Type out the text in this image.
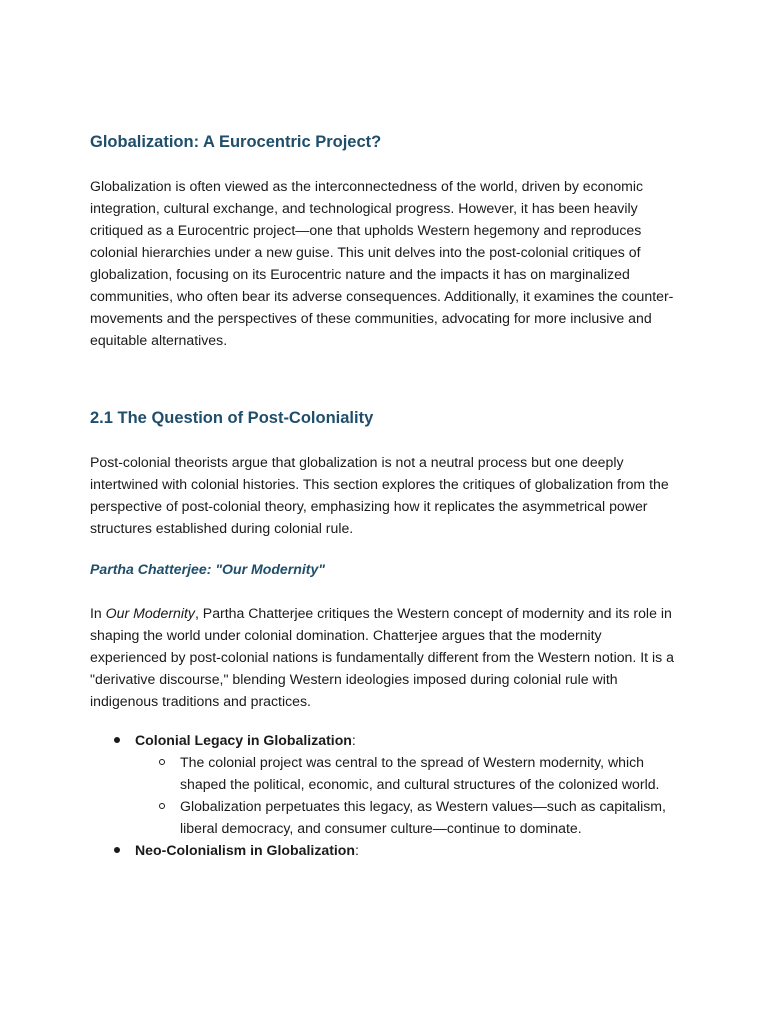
Globalization: A Eurocentric Project?

Globalization is often viewed as the interconnectedness of the world, driven by economic integration, cultural exchange, and technological progress. However, it has been heavily critiqued as a Eurocentric project—one that upholds Western hegemony and reproduces colonial hierarchies under a new guise. This unit delves into the post-colonial critiques of globalization, focusing on its Eurocentric nature and the impacts it has on marginalized communities, who often bear its adverse consequences. Additionally, it examines the counter-movements and the perspectives of these communities, advocating for more inclusive and equitable alternatives.

2.1 The Question of Post-Coloniality

Post-colonial theorists argue that globalization is not a neutral process but one deeply intertwined with colonial histories. This section explores the critiques of globalization from the perspective of post-colonial theory, emphasizing how it replicates the asymmetrical power structures established during colonial rule.

Partha Chatterjee: "Our Modernity"

In Our Modernity, Partha Chatterjee critiques the Western concept of modernity and its role in shaping the world under colonial domination. Chatterjee argues that the modernity experienced by post-colonial nations is fundamentally different from the Western notion. It is a "derivative discourse," blending Western ideologies imposed during colonial rule with indigenous traditions and practices.

Colonial Legacy in Globalization:
The colonial project was central to the spread of Western modernity, which shaped the political, economic, and cultural structures of the colonized world.
Globalization perpetuates this legacy, as Western values—such as capitalism, liberal democracy, and consumer culture—continue to dominate.
Neo-Colonialism in Globalization:
